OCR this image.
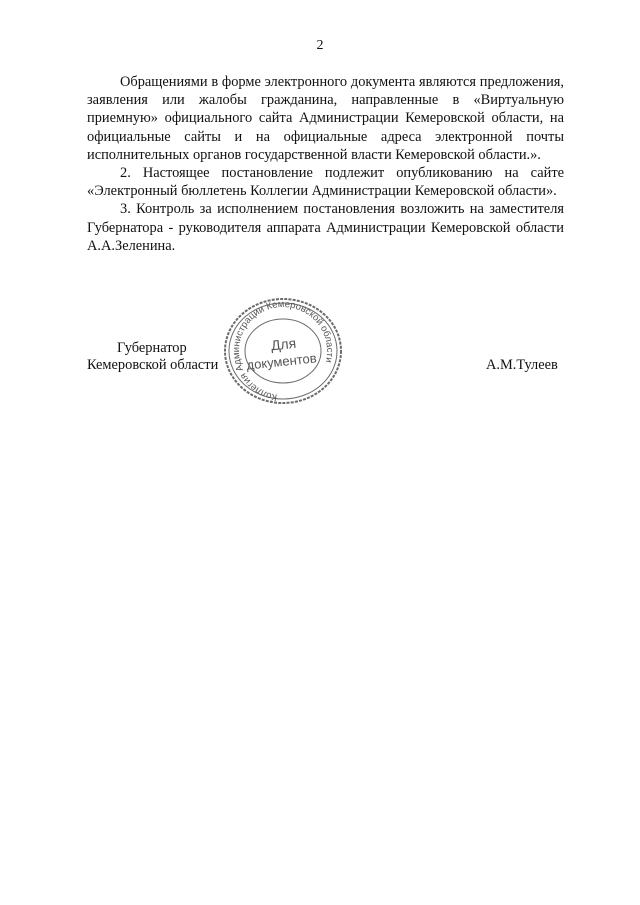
2

Обращениями в форме электронного документа являются предложения, заявления или жалобы гражданина, направленные в «Виртуальную приемную» официального сайта Администрации Кемеровской области, на официальные сайты и на официальные адреса электронной почты исполнительных органов государственной власти Кемеровской области.».

2. Настоящее постановление подлежит опубликованию на сайте «Электронный бюллетень Коллегии Администрации Кемеровской области».

3. Контроль за исполнением постановления возложить на заместителя Губернатора - руководителя аппарата Администрации Кемеровской области А.А.Зеленина.

Губернатор
Кемеровской области	А.М.Тулеев
Коллегия Администрации Кемеровской области
Для
документов
